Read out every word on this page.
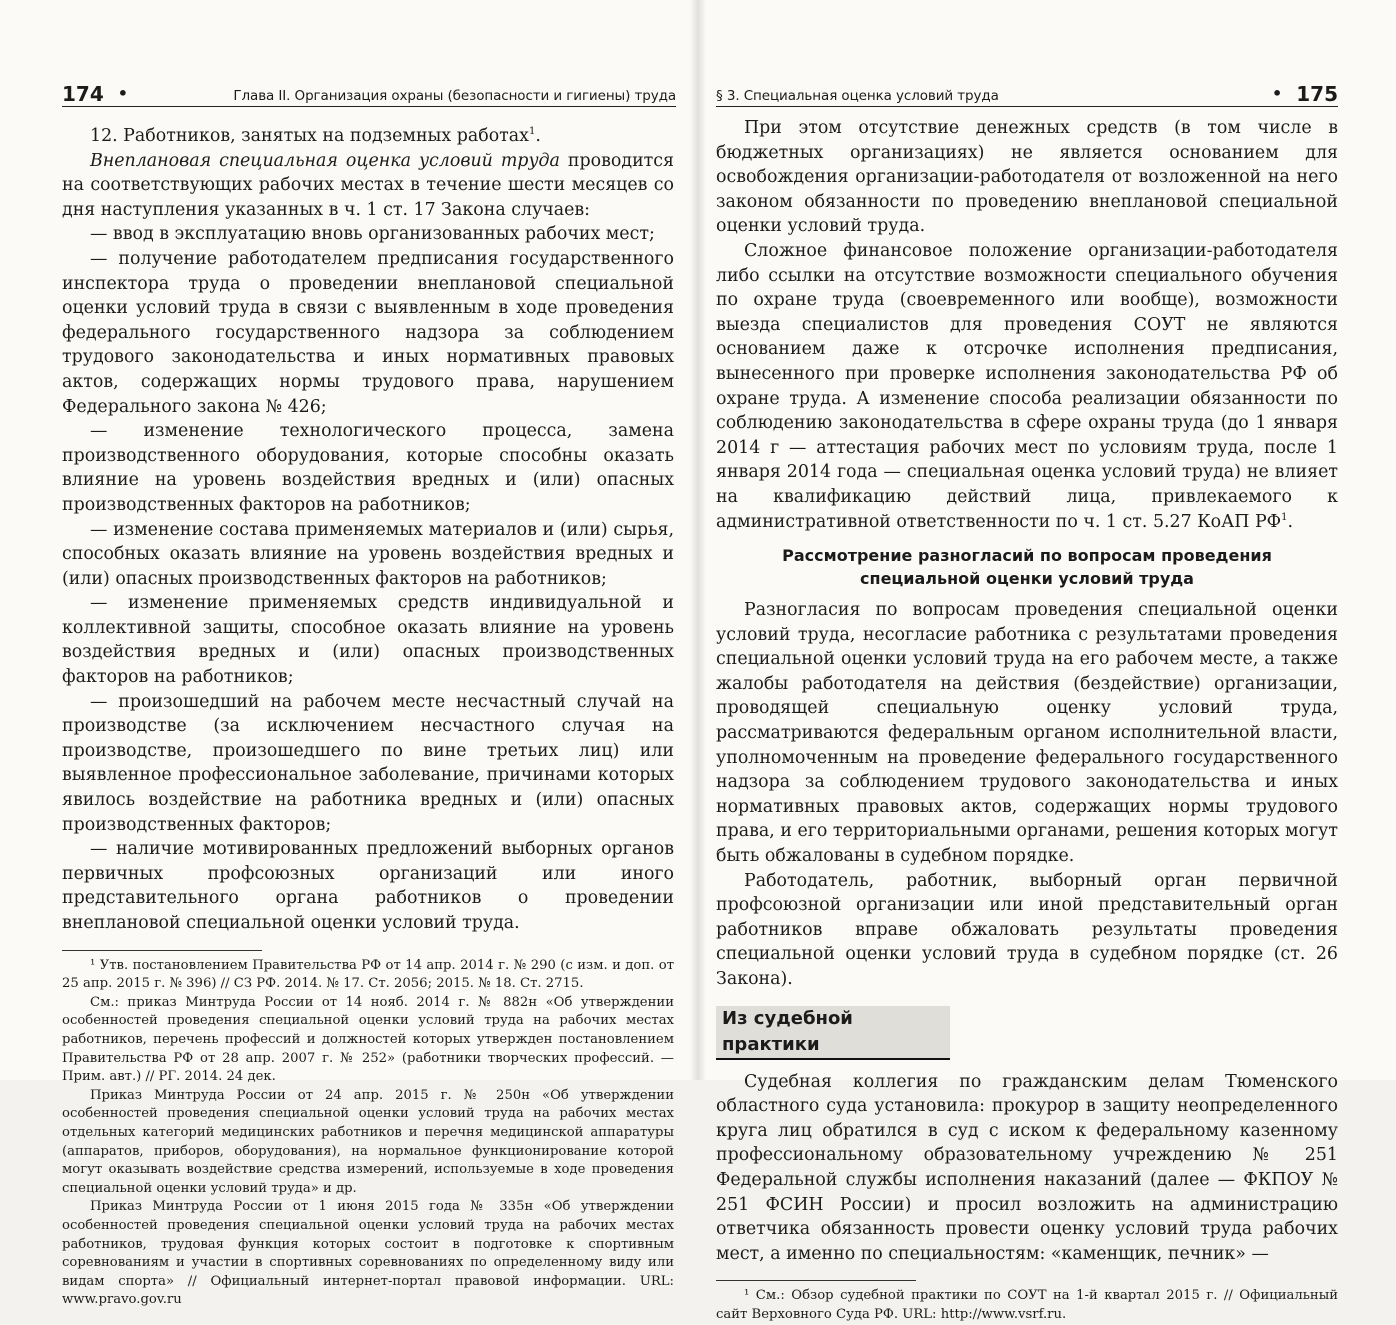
174 •	Глава II. Организация охраны (безопасности и гигиены) труда

12. Работников, занятых на подземных работах$^1$.

Внеплановая специальная оценка условий труда проводится на соответствующих рабочих местах в течение шести месяцев со дня наступления указанных в ч. 1 ст. 17 Закона случаев:

— ввод в эксплуатацию вновь организованных рабочих мест;

— получение работодателем предписания государственного инспектора труда о проведении внеплановой специальной оценки условий труда в связи с выявленным в ходе проведения федерального государственного надзора за соблюдением трудового законодательства и иных нормативных правовых актов, содержащих нормы трудового права, нарушением Федерального закона № 426;

— изменение технологического процесса, замена производственного оборудования, которые способны оказать влияние на уровень воздействия вредных и (или) опасных производственных факторов на работников;

— изменение состава применяемых материалов и (или) сырья, способных оказать влияние на уровень воздействия вредных и (или) опасных производственных факторов на работников;

— изменение применяемых средств индивидуальной и коллективной защиты, способное оказать влияние на уровень воздействия вредных и (или) опасных производственных факторов на работников;

— произошедший на рабочем месте несчастный случай на производстве (за исключением несчастного случая на производстве, произошедшего по вине третьих лиц) или выявленное профессиональное заболевание, причинами которых явилось воздействие на работника вредных и (или) опасных производственных факторов;

— наличие мотивированных предложений выборных органов первичных профсоюзных организаций или иного представительного органа работников о проведении внеплановой специальной оценки условий труда.

¹ Утв. постановлением Правительства РФ от 14 апр. 2014 г. № 290 (с изм. и доп. от 25 апр. 2015 г. № 396) // СЗ РФ. 2014. № 17. Ст. 2056; 2015. № 18. Ст. 2715.

См.: приказ Минтруда России от 14 нояб. 2014 г. № 882н «Об утверждении особенностей проведения специальной оценки условий труда на рабочих местах работников, перечень профессий и должностей которых утвержден постановлением Правительства РФ от 28 апр. 2007 г. № 252» (работники творческих профессий. — Прим. авт.) // РГ. 2014. 24 дек.

Приказ Минтруда России от 24 апр. 2015 г. № 250н «Об утверждении особенностей проведения специальной оценки условий труда на рабочих местах отдельных категорий медицинских работников и перечня медицинской аппаратуры (аппаратов, приборов, оборудования), на нормальное функционирование которой могут оказывать воздействие средства измерений, используемые в ходе проведения специальной оценки условий труда» и др.

Приказ Минтруда России от 1 июня 2015 года № 335н «Об утверждении особенностей проведения специальной оценки условий труда на рабочих местах работников, трудовая функция которых состоит в подготовке к спортивным соревнованиям и участии в спортивных соревнованиях по определенному виду или видам спорта» // Официальный интернет-портал правовой информации. URL: www.pravo.gov.ru

§ 3. Специальная оценка условий труда	• 175

При этом отсутствие денежных средств (в том числе в бюджетных организациях) не является основанием для освобождения организации-работодателя от возложенной на него законом обязанности по проведению внеплановой специальной оценки условий труда.

Сложное финансовое положение организации-работодателя либо ссылки на отсутствие возможности специального обучения по охране труда (своевременного или вообще), возможности выезда специалистов для проведения СОУТ не являются основанием даже к отсрочке исполнения предписания, вынесенного при проверке исполнения законодательства РФ об охране труда. А изменение способа реализации обязанности по соблюдению законодательства в сфере охраны труда (до 1 января 2014 г — аттестация рабочих мест по условиям труда, после 1 января 2014 года — специальная оценка условий труда) не влияет на квалификацию действий лица, привлекаемого к административной ответственности по ч. 1 ст. 5.27 КоАП $РФ^1$.

Рассмотрение разногласий по вопросам проведения
специальной оценки условий труда

Разногласия по вопросам проведения специальной оценки условий труда, несогласие работника с результатами проведения специальной оценки условий труда на его рабочем месте, а также жалобы работодателя на действия (бездействие) организации, проводящей специальную оценку условий труда, рассматриваются федеральным органом исполнительной власти, уполномоченным на проведение федерального государственного надзора за соблюдением трудового законодательства и иных нормативных правовых актов, содержащих нормы трудового права, и его территориальными органами, решения которых могут быть обжалованы в судебном порядке.

Работодатель, работник, выборный орган первичной профсоюзной организации или иной представительный орган работников вправе обжаловать результаты проведения специальной оценки условий труда в судебном порядке (ст. 26 Закона).

Из судебной практики

Судебная коллегия по гражданским делам Тюменского областного суда установила: прокурор в защиту неопределенного круга лиц обратился в суд с иском к федеральному казенному профессиональному образовательному учреждению № 251 Федеральной службы исполнения наказаний (далее — ФКПОУ № 251 ФСИН России) и просил возложить на администрацию ответчика обязанность провести оценку условий труда рабочих мест, а именно по специальностям: «каменщик, печник» —

¹ См.: Обзор судебной практики по СОУТ на 1-й квартал 2015 г. // Официальный сайт Верховного Суда РФ. URL: http://www.vsrf.ru.
